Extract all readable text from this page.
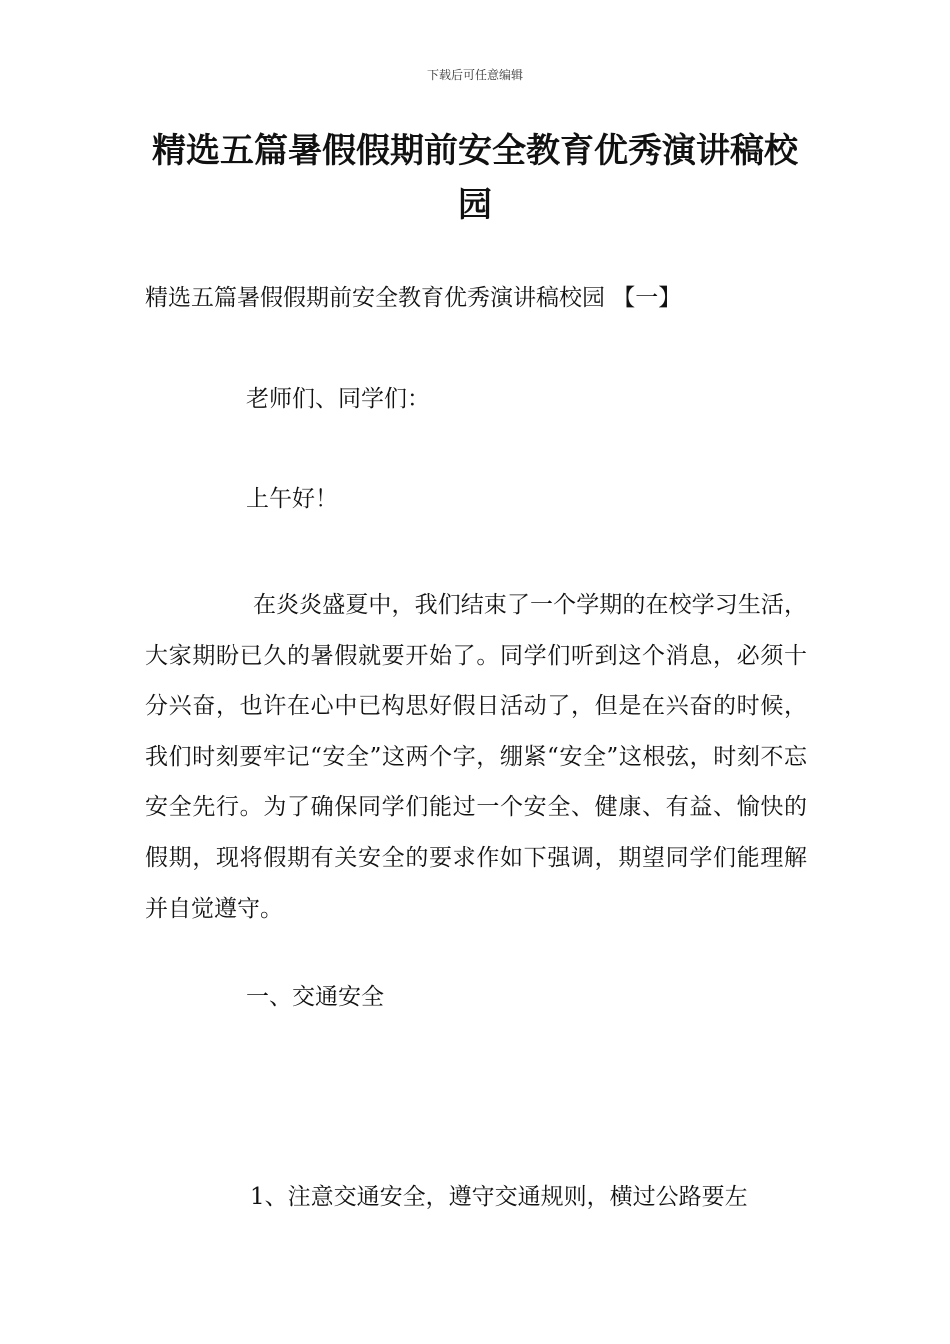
下载后可任意编辑
精选五篇暑假假期前安全教育优秀演讲稿校园
精选五篇暑假假期前安全教育优秀演讲稿校园 【一】
老师们、同学们：
上午好！
在炎炎盛夏中，我们结束了一个学期的在校学习生活，大家期盼已久的暑假就要开始了。同学们听到这个消息，必须十分兴奋，也许在心中已构思好假日活动了，但是在兴奋的时候，我们时刻要牢记“安全”这两个字，绷紧“安全”这根弦，时刻不忘安全先行。为了确保同学们能过一个安全、健康、有益、愉快的假期，现将假期有关安全的要求作如下强调，期望同学们能理解并自觉遵守。
一、交通安全
1、注意交通安全，遵守交通规则，横过公路要左
